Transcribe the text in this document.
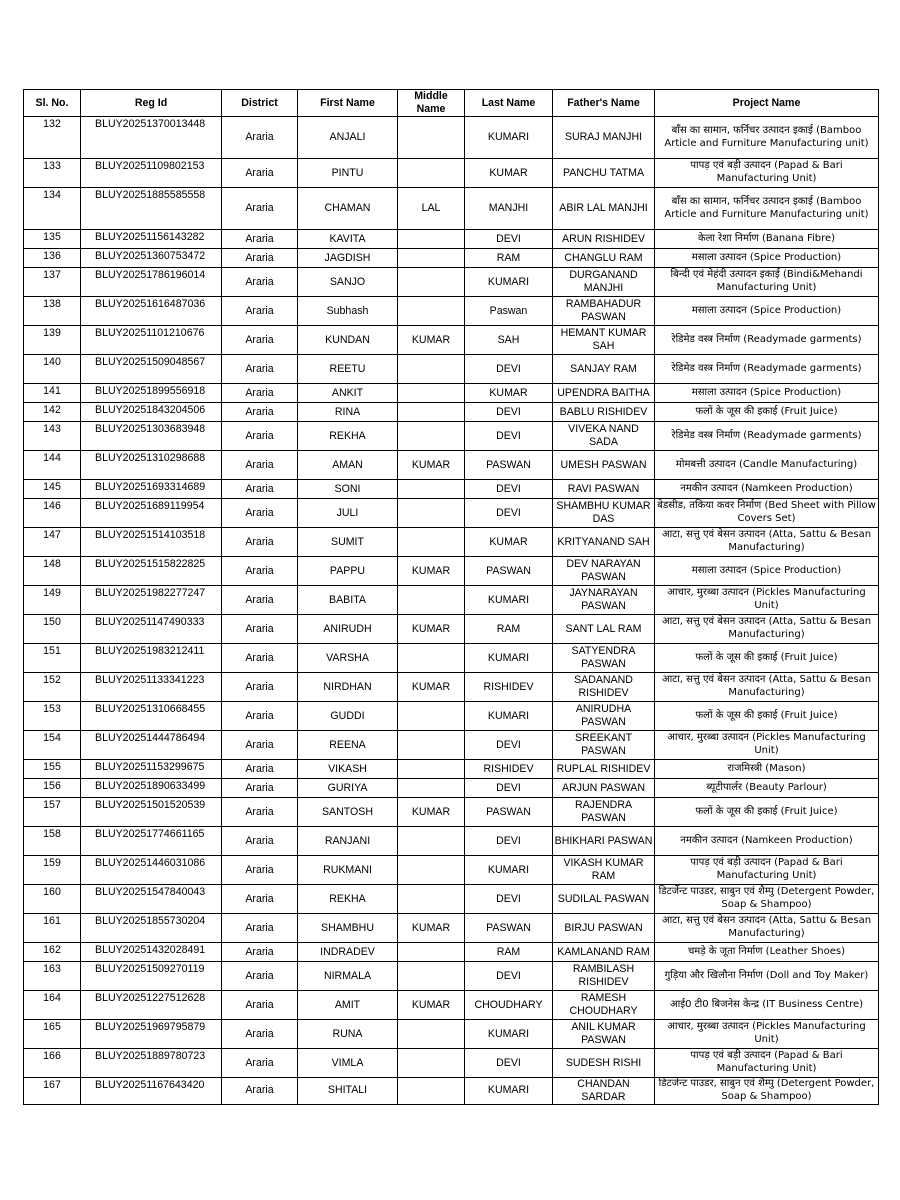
Sl. No.	Reg Id	District	First Name	Middle Name	Last Name	Father's Name	Project Name
132	BLUY20251370013448	Araria	ANJALI		KUMARI	SURAJ MANJHI	बाँस का सामान, फर्निचर उत्पादन इकाई (Bamboo Article and Furniture Manufacturing unit)
133	BLUY20251109802153	Araria	PINTU		KUMAR	PANCHU TATMA	पापड़ एवं बड़ी उत्पादन (Papad & Bari Manufacturing Unit)
134	BLUY20251885585558	Araria	CHAMAN	LAL	MANJHI	ABIR LAL MANJHI	बाँस का सामान, फर्निचर उत्पादन इकाई (Bamboo Article and Furniture Manufacturing unit)
135	BLUY20251156143282	Araria	KAVITA		DEVI	ARUN RISHIDEV	केला रेशा निर्माण (Banana Fibre)
136	BLUY20251360753472	Araria	JAGDISH		RAM	CHANGLU RAM	मसाला उत्पादन (Spice Production)
137	BLUY20251786196014	Araria	SANJO		KUMARI	DURGANAND MANJHI	बिन्दी एवं मेहंदी उत्पादन इकाई (Bindi&Mehandi Manufacturing Unit)
138	BLUY20251616487036	Araria	Subhash		Paswan	RAMBAHADUR PASWAN	मसाला उत्पादन (Spice Production)
139	BLUY20251101210676	Araria	KUNDAN	KUMAR	SAH	HEMANT KUMAR SAH	रेडिमेड वस्त्र निर्माण (Readymade garments)
140	BLUY20251509048567	Araria	REETU		DEVI	SANJAY RAM	रेडिमेड वस्त्र निर्माण (Readymade garments)
141	BLUY20251899556918	Araria	ANKIT		KUMAR	UPENDRA BAITHA	मसाला उत्पादन (Spice Production)
142	BLUY20251843204506	Araria	RINA		DEVI	BABLU RISHIDEV	फलों के जूस की इकाई (Fruit Juice)
143	BLUY20251303683948	Araria	REKHA		DEVI	VIVEKA NAND SADA	रेडिमेड वस्त्र निर्माण (Readymade garments)
144	BLUY20251310298688	Araria	AMAN	KUMAR	PASWAN	UMESH PASWAN	मोमबत्ती उत्पादन (Candle Manufacturing)
145	BLUY20251693314689	Araria	SONI		DEVI	RAVI PASWAN	नमकीन उत्पादन (Namkeen Production)
146	BLUY20251689119954	Araria	JULI		DEVI	SHAMBHU KUMAR DAS	बेडसीड, तकिया कवर निर्माण (Bed Sheet with Pillow Covers Set)
147	BLUY20251514103518	Araria	SUMIT		KUMAR	KRITYANAND SAH	आटा, सत्तु एवं बेसन उत्पादन (Atta, Sattu & Besan Manufacturing)
148	BLUY20251515822825	Araria	PAPPU	KUMAR	PASWAN	DEV NARAYAN PASWAN	मसाला उत्पादन (Spice Production)
149	BLUY20251982277247	Araria	BABITA		KUMARI	JAYNARAYAN PASWAN	आचार, मुरब्बा उत्पादन (Pickles Manufacturing Unit)
150	BLUY20251147490333	Araria	ANIRUDH	KUMAR	RAM	SANT LAL RAM	आटा, सत्तु एवं बेसन उत्पादन (Atta, Sattu & Besan Manufacturing)
151	BLUY20251983212411	Araria	VARSHA		KUMARI	SATYENDRA PASWAN	फलों के जूस की इकाई (Fruit Juice)
152	BLUY20251133341223	Araria	NIRDHAN	KUMAR	RISHIDEV	SADANAND RISHIDEV	आटा, सत्तु एवं बेसन उत्पादन (Atta, Sattu & Besan Manufacturing)
153	BLUY20251310668455	Araria	GUDDI		KUMARI	ANIRUDHA PASWAN	फलों के जूस की इकाई (Fruit Juice)
154	BLUY20251444786494	Araria	REENA		DEVI	SREEKANT PASWAN	आचार, मुरब्बा उत्पादन (Pickles Manufacturing Unit)
155	BLUY20251153299675	Araria	VIKASH		RISHIDEV	RUPLAL RISHIDEV	राजमिस्त्री (Mason)
156	BLUY20251890633499	Araria	GURIYA		DEVI	ARJUN PASWAN	ब्यूटीपार्लर (Beauty Parlour)
157	BLUY20251501520539	Araria	SANTOSH	KUMAR	PASWAN	RAJENDRA PASWAN	फलों के जूस की इकाई (Fruit Juice)
158	BLUY20251774661165	Araria	RANJANI		DEVI	BHIKHARI PASWAN	नमकीन उत्पादन (Namkeen Production)
159	BLUY20251446031086	Araria	RUKMANI		KUMARI	VIKASH KUMAR RAM	पापड़ एवं बड़ी उत्पादन (Papad & Bari Manufacturing Unit)
160	BLUY20251547840043	Araria	REKHA		DEVI	SUDILAL PASWAN	डिटर्जेन्ट पाउडर, साबुन एवं शैम्पु (Detergent Powder, Soap & Shampoo)
161	BLUY20251855730204	Araria	SHAMBHU	KUMAR	PASWAN	BIRJU PASWAN	आटा, सत्तु एवं बेसन उत्पादन (Atta, Sattu & Besan Manufacturing)
162	BLUY20251432028491	Araria	INDRADEV		RAM	KAMLANAND RAM	चमड़े के जूता निर्माण (Leather Shoes)
163	BLUY20251509270119	Araria	NIRMALA		DEVI	RAMBILASH RISHIDEV	गुड़िया और खिलौना निर्माण (Doll and Toy Maker)
164	BLUY20251227512628	Araria	AMIT	KUMAR	CHOUDHARY	RAMESH CHOUDHARY	आई0 टी0 बिजनेस केन्द्र (IT Business Centre)
165	BLUY20251969795879	Araria	RUNA		KUMARI	ANIL KUMAR PASWAN	आचार, मुरब्बा उत्पादन (Pickles Manufacturing Unit)
166	BLUY20251889780723	Araria	VIMLA		DEVI	SUDESH RISHI	पापड़ एवं बड़ी उत्पादन (Papad & Bari Manufacturing Unit)
167	BLUY20251167643420	Araria	SHITALI		KUMARI	CHANDAN SARDAR	डिटर्जेन्ट पाउडर, साबुन एवं शैम्पु (Detergent Powder, Soap & Shampoo)
